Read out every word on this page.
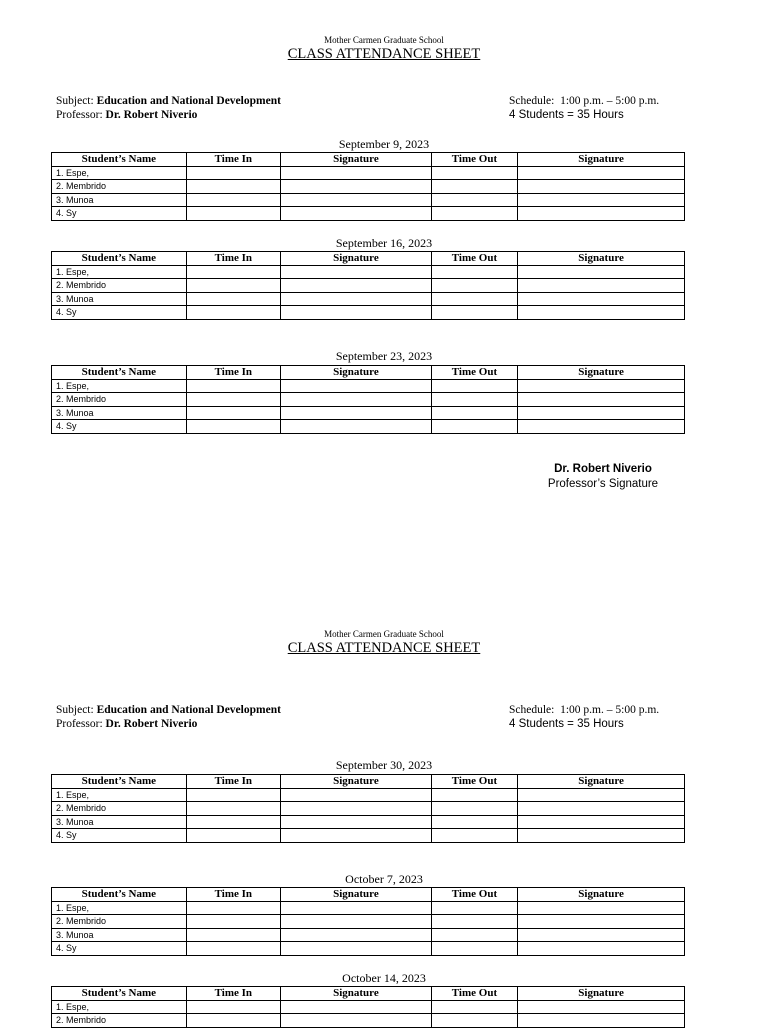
Mother Carmen Graduate School
CLASS ATTENDANCE SHEET
Subject: Education and National Development
Professor: Dr. Robert Niverio
Schedule: 1:00 p.m. – 5:00 p.m.
4 Students = 35 Hours
September 9, 2023
Student’s Name	Time In	Signature	Time Out	Signature
1. Espe,				
2. Membrido				
3. Munoa				
4. Sy				
September 16, 2023
Student’s Name	Time In	Signature	Time Out	Signature
1. Espe,				
2. Membrido				
3. Munoa				
4. Sy				
September 23, 2023
Student’s Name	Time In	Signature	Time Out	Signature
1. Espe,				
2. Membrido				
3. Munoa				
4. Sy				
Dr. Robert Niverio
Professor’s Signature
Mother Carmen Graduate School
CLASS ATTENDANCE SHEET
Subject: Education and National Development
Professor: Dr. Robert Niverio
Schedule: 1:00 p.m. – 5:00 p.m.
4 Students = 35 Hours
September 30, 2023
Student’s Name	Time In	Signature	Time Out	Signature
1. Espe,				
2. Membrido				
3. Munoa				
4. Sy				
October 7, 2023
Student’s Name	Time In	Signature	Time Out	Signature
1. Espe,				
2. Membrido				
3. Munoa				
4. Sy				
October 14, 2023
Student’s Name	Time In	Signature	Time Out	Signature
1. Espe,				
2. Membrido				
